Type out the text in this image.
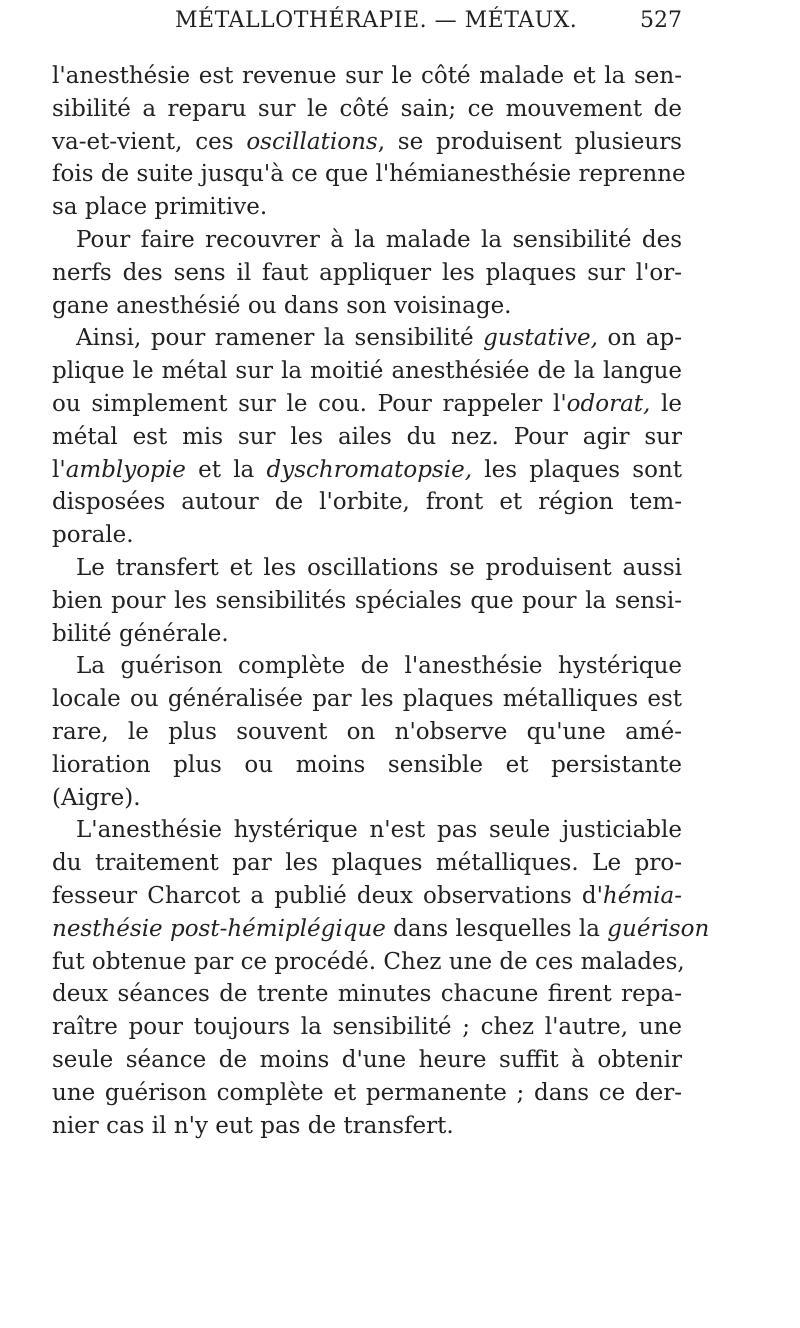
MÉTALLOTHÉRAPIE. — MÉTAUX.	527
l'anesthésie est revenue sur le côté malade et la sen-
sibilité a reparu sur le côté sain; ce mouvement de
va-et-vient, ces oscillations, se produisent plusieurs
fois de suite jusqu'à ce que l'hémianesthésie reprenne
sa place primitive.
Pour faire recouvrer à la malade la sensibilité des
nerfs des sens il faut appliquer les plaques sur l'or-
gane anesthésié ou dans son voisinage.
Ainsi, pour ramener la sensibilité gustative, on ap-
plique le métal sur la moitié anesthésiée de la langue
ou simplement sur le cou. Pour rappeler l'odorat, le
métal est mis sur les ailes du nez. Pour agir sur
l'amblyopie et la dyschromatopsie, les plaques sont
disposées autour de l'orbite, front et région tem-
porale.
Le transfert et les oscillations se produisent aussi
bien pour les sensibilités spéciales que pour la sensi-
bilité générale.
La guérison complète de l'anesthésie hystérique
locale ou généralisée par les plaques métalliques est
rare, le plus souvent on n'observe qu'une amé-
lioration plus ou moins sensible et persistante
(Aigre).
L'anesthésie hystérique n'est pas seule justiciable
du traitement par les plaques métalliques. Le pro-
fesseur Charcot a publié deux observations d'hémia-
nesthésie post-hémiplégique dans lesquelles la guérison
fut obtenue par ce procédé. Chez une de ces malades,
deux séances de trente minutes chacune firent repa-
raître pour toujours la sensibilité ; chez l'autre, une
seule séance de moins d'une heure suffit à obtenir
une guérison complète et permanente ; dans ce der-
nier cas il n'y eut pas de transfert.
